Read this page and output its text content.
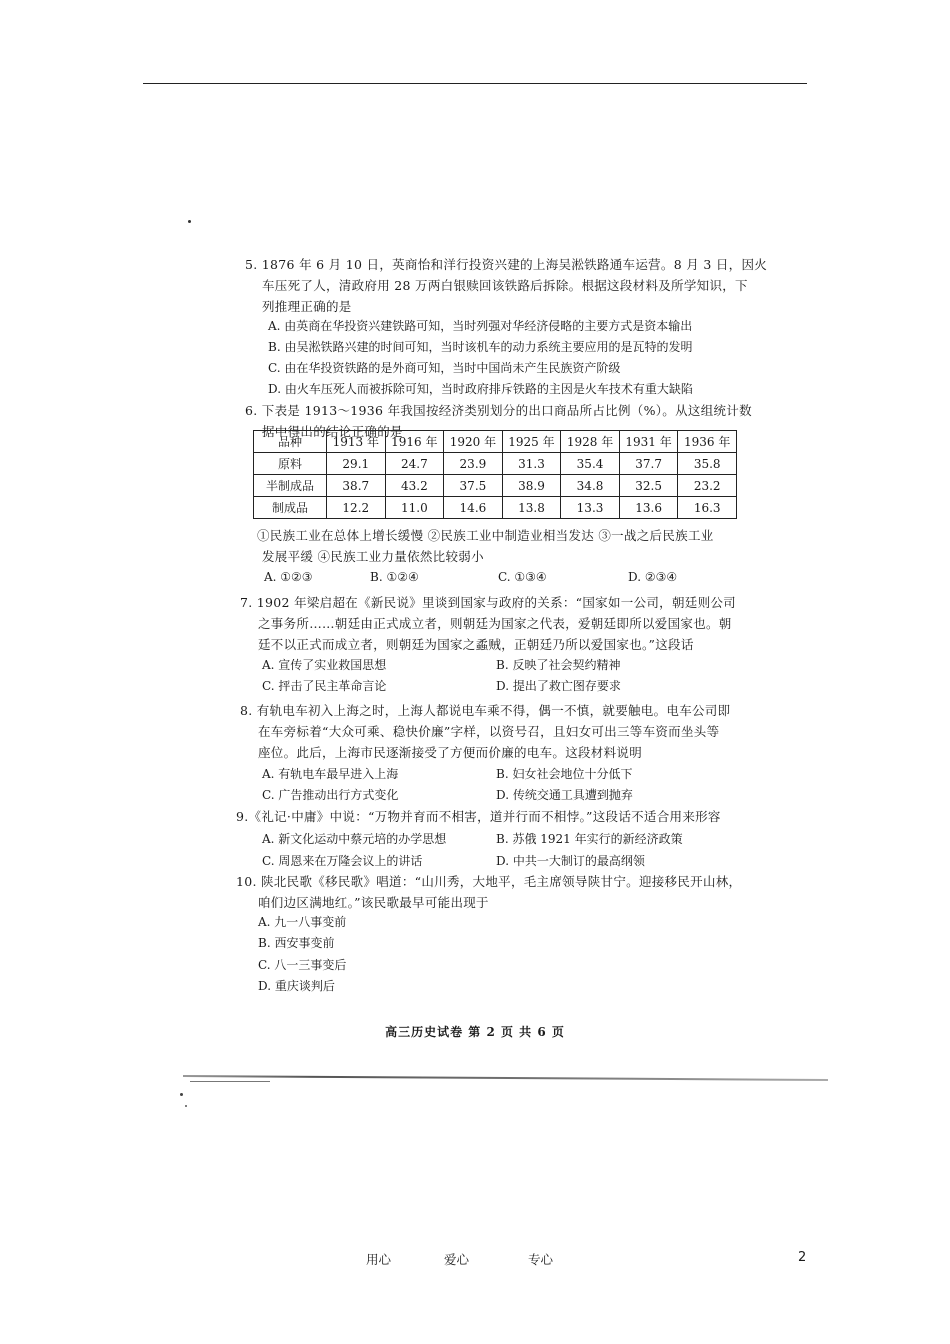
5. 1876 年 6 月 10 日，英商怡和洋行投资兴建的上海吴淞铁路通车运营。8 月 3 日，因火
车压死了人，清政府用 28 万两白银赎回该铁路后拆除。根据这段材料及所学知识，下
列推理正确的是
A. 由英商在华投资兴建铁路可知，当时列强对华经济侵略的主要方式是资本输出
B. 由吴淞铁路兴建的时间可知，当时该机车的动力系统主要应用的是瓦特的发明
C. 由在华投资铁路的是外商可知，当时中国尚未产生民族资产阶级
D. 由火车压死人而被拆除可知，当时政府排斥铁路的主因是火车技术有重大缺陷
6. 下表是 1913～1936 年我国按经济类别划分的出口商品所占比例（%）。从这组统计数
据中得出的结论正确的是
品种	1913 年	1916 年	1920 年	1925 年	1928 年	1931 年	1936 年
原料	29.1	24.7	23.9	31.3	35.4	37.7	35.8
半制成品	38.7	43.2	37.5	38.9	34.8	32.5	23.2
制成品	12.2	11.0	14.6	13.8	13.3	13.6	16.3
①民族工业在总体上增长缓慢 ②民族工业中制造业相当发达 ③一战之后民族工业
发展平缓 ④民族工业力量依然比较弱小
A. ①②③	B. ①②④	C. ①③④	D. ②③④
7. 1902 年梁启超在《新民说》里谈到国家与政府的关系：“国家如一公司，朝廷则公司
之事务所……朝廷由正式成立者，则朝廷为国家之代表，爱朝廷即所以爱国家也。朝
廷不以正式而成立者，则朝廷为国家之蟊贼，正朝廷乃所以爱国家也。”这段话
A. 宣传了实业救国思想	B. 反映了社会契约精神
C. 抨击了民主革命言论	D. 提出了救亡图存要求
8. 有轨电车初入上海之时，上海人都说电车乘不得，偶一不慎，就要触电。电车公司即
在车旁标着“大众可乘、稳快价廉”字样，以资号召，且妇女可出三等车资而坐头等
座位。此后，上海市民逐渐接受了方便而价廉的电车。这段材料说明
A. 有轨电车最早进入上海	B. 妇女社会地位十分低下
C. 广告推动出行方式变化	D. 传统交通工具遭到抛弃
9.《礼记·中庸》中说：“万物并育而不相害，道并行而不相悖。”这段话不适合用来形容
A. 新文化运动中蔡元培的办学思想	B. 苏俄 1921 年实行的新经济政策
C. 周恩来在万隆会议上的讲话	D. 中共一大制订的最高纲领
10. 陕北民歌《移民歌》唱道：“山川秀，大地平，毛主席领导陕甘宁。迎接移民开山林，
咱们边区满地红。”该民歌最早可能出现于
A. 九一八事变前
B. 西安事变前
C. 八一三事变后
D. 重庆谈判后
高三历史试卷 第 2 页 共 6 页
用心	爱心	专心	2
